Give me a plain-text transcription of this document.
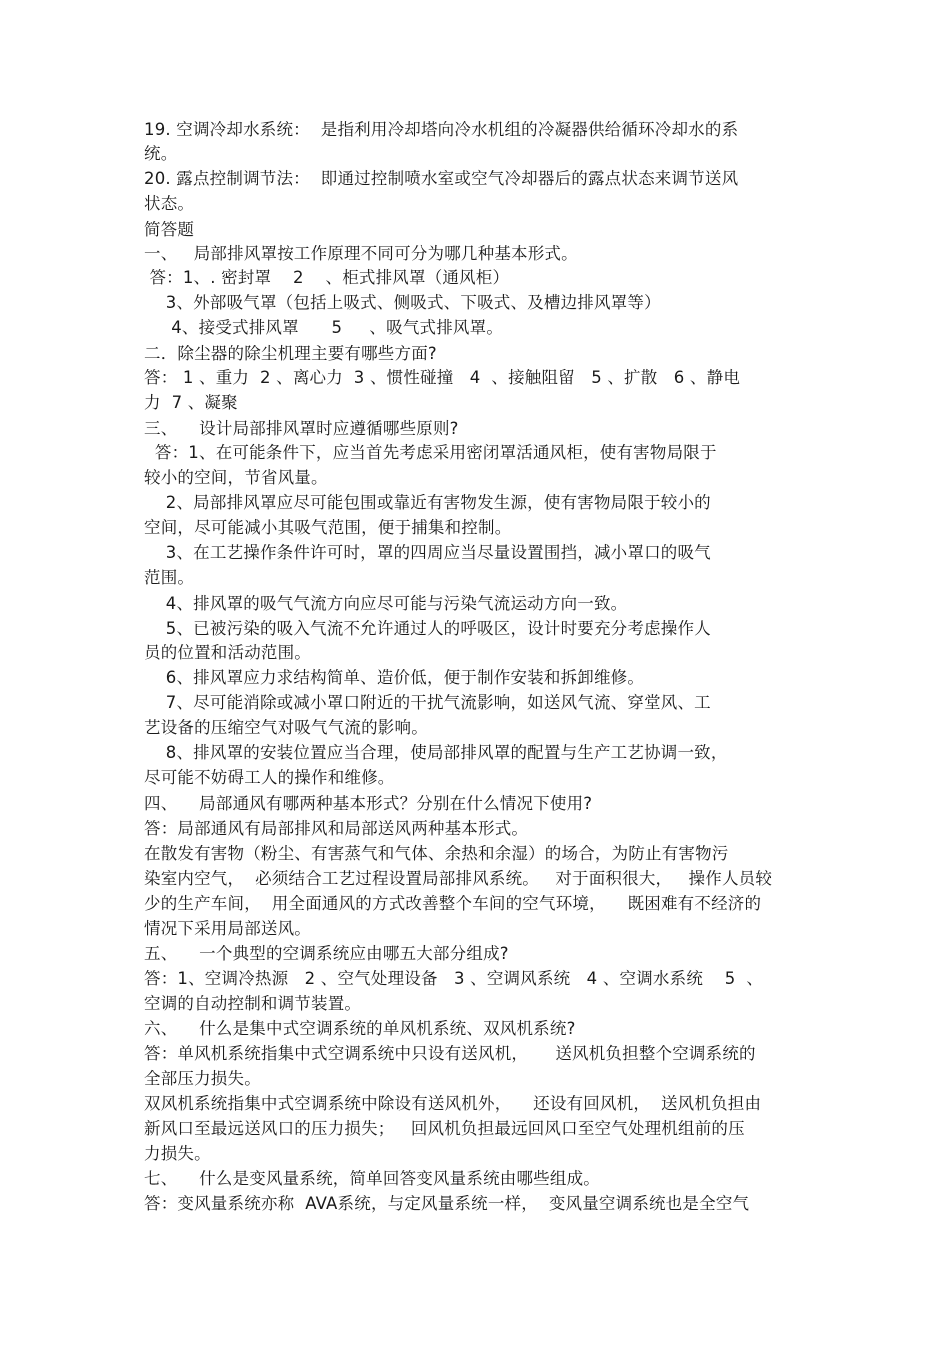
19. 空调冷却水系统：  是指利用冷却塔向冷水机组的冷凝器供给循环冷却水的系

统。

20. 露点控制调节法：  即通过控制喷水室或空气冷却器后的露点状态来调节送风

状态。

简答题

一、   局部排风罩按工作原理不同可分为哪几种基本形式。

答：1、. 密封罩    2    、柜式排风罩（通风柜）

3、外部吸气罩（包括上吸式、侧吸式、下吸式、及槽边排风罩等）

4、接受式排风罩      5     、吸气式排风罩。

二．除尘器的除尘机理主要有哪些方面?

答： 1 、重力  2 、离心力  3 、惯性碰撞   4  、接触阻留   5 、扩散   6 、静电

力  7 、凝聚

三、    设计局部排风罩时应遵循哪些原则?

答：1、在可能条件下，应当首先考虑采用密闭罩活通风柜，使有害物局限于

较小的空间，节省风量。

2、局部排风罩应尽可能包围或靠近有害物发生源，使有害物局限于较小的

空间，尽可能减小其吸气范围，便于捕集和控制。

3、在工艺操作条件许可时，罩的四周应当尽量设置围挡，减小罩口的吸气

范围。

4、排风罩的吸气气流方向应尽可能与污染气流运动方向一致。

5、已被污染的吸入气流不允许通过人的呼吸区，设计时要充分考虑操作人

员的位置和活动范围。

6、排风罩应力求结构简单、造价低，便于制作安装和拆卸维修。

7、尽可能消除或减小罩口附近的干扰气流影响，如送风气流、穿堂风、工

艺设备的压缩空气对吸气气流的影响。

8、排风罩的安装位置应当合理，使局部排风罩的配置与生产工艺协调一致，

尽可能不妨碍工人的操作和维修。

四、    局部通风有哪两种基本形式？分别在什么情况下使用?

答：局部通风有局部排风和局部送风两种基本形式。

在散发有害物（粉尘、有害蒸气和气体、余热和余湿）的场合，为防止有害物污

染室内空气，  必须结合工艺过程设置局部排风系统。   对于面积很大，   操作人员较

少的生产车间，  用全面通风的方式改善整个车间的空气环境，    既困难有不经济的

情况下采用局部送风。

五、    一个典型的空调系统应由哪五大部分组成?

答：1、空调冷热源   2 、空气处理设备   3 、空调风系统   4 、空调水系统    5  、

空调的自动控制和调节装置。

六、    什么是集中式空调系统的单风机系统、双风机系统?

答：单风机系统指集中式空调系统中只设有送风机，     送风机负担整个空调系统的

全部压力损失。

双风机系统指集中式空调系统中除设有送风机外，    还设有回风机，  送风机负担由

新风口至最远送风口的压力损失；   回风机负担最远回风口至空气处理机组前的压

力损失。

七、    什么是变风量系统，简单回答变风量系统由哪些组成。

答：变风量系统亦称  AVA系统，与定风量系统一样，  变风量空调系统也是全空气
